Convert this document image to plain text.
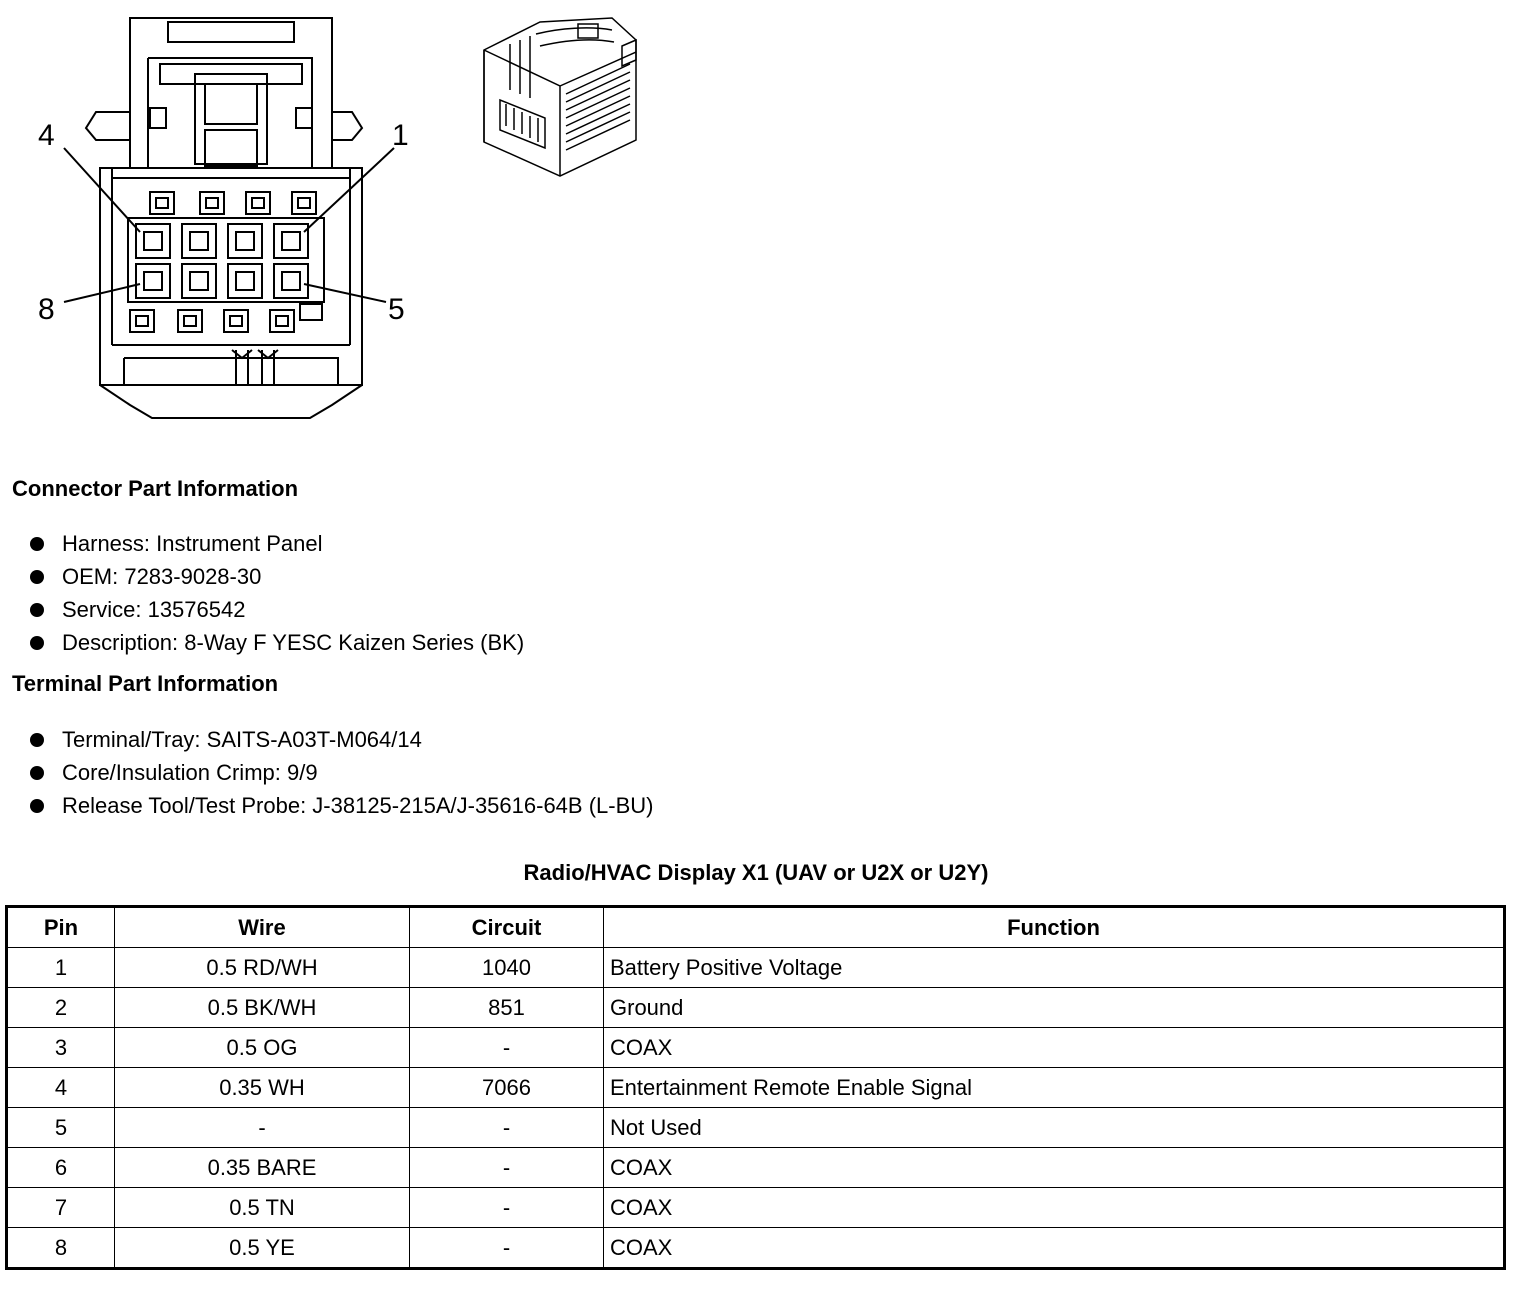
4	1
8	5
Connector Part Information
Harness: Instrument Panel
OEM: 7283-9028-30
Service: 13576542
Description: 8-Way F YESC Kaizen Series (BK)
Terminal Part Information
Terminal/Tray: SAITS-A03T-M064/14
Core/Insulation Crimp: 9/9
Release Tool/Test Probe: J-38125-215A/J-35616-64B (L-BU)
Radio/HVAC Display X1 (UAV or U2X or U2Y)
Pin	Wire	Circuit	Function
1	0.5 RD/WH	1040	Battery Positive Voltage
2	0.5 BK/WH	851	Ground
3	0.5 OG	-	COAX
4	0.35 WH	7066	Entertainment Remote Enable Signal
5	-	-	Not Used
6	0.35 BARE	-	COAX
7	0.5 TN	-	COAX
8	0.5 YE	-	COAX
